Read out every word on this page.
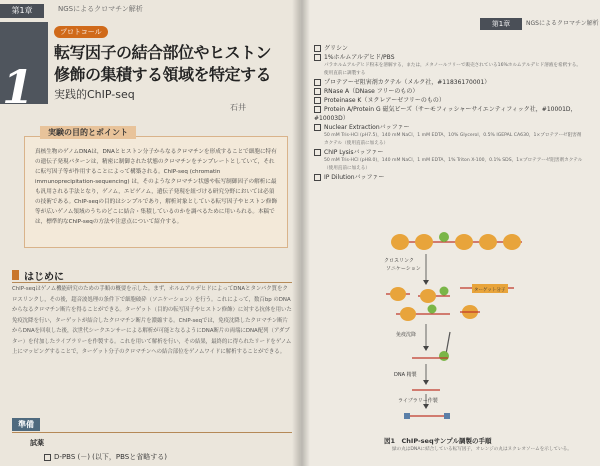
第1章	NGSによるクロマチン解析
1
プロトコール
転写因子の結合部位やヒストン
修飾の集積する領域を特定する
実践的ChIP-seq
石井
真核生物のゲノムDNAは，DNAとヒストン分子からなるクロマチンを形成することで細胞に特有の遺伝子発現パターンは，精密に制御された状態のクロマチンをテンプレートとしていて，それに転写因子等が作用することによって構築される。ChIP-seq (chromatin immunoprecipitation-sequencing) は，そのようなクロマチン状態や転写制御因子の解析に最も汎用される手法となり，ゲノム，エピゲノム，遺伝子発現を紐づける研究分野においては必須の技術である。ChIP-seqの目的はシンプルであり，解析対象としている転写因子やヒストン修飾等が広いゲノム領域のうちのどこに結合・集積しているのかを調べるために用いられる。本稿では，標準的なChIP-seqの方法や注意点について紹介する。
実験の目的とポイント
はじめに
ChIP-seqはゲノム機能研究のための手順の概要を示した。まず，ホルムアルデヒドによってDNAとタンパク質をクロスリンクし，その後，超音波処理の条件下で細胞破砕（ソニケーション）を行う。これによって，数百bp のDNAからなるクロマチン断片を得ることができる。ターゲット（目的の転写因子やヒストン修飾）に対する抗体を用いた免疫沈降を行い，ターゲットが結合したクロマチン断片を濃縮する。ChIP-seqでは，免疫沈降したクロマチン断片からDNAを回収した後，次世代シークエンサーによる解析が可能となるようにDNA断片の両端にDNA配列（アダプター）を付加したライブラリーを作製する。これを用いて解析を行い，その結果，最終的に得られたリードをゲノム上にマッピングすることで，ターゲット分子のクロマチンへの結合部位をゲノムワイドに解析することができる。
準備
試薬
D-PBS (－) (以下，PBSと省略する)
第1章	NGSによるクロマチン解析
グリシン
1%ホルムアルデヒド/PBS
パラホルムアルデヒド粉末を溶解する，または，メタノールフリーで販売されている16%ホルムアルデヒド溶液を希釈する。使用直前に調製する
プロテアーゼ阻害剤カクテル（メルク社，#11836170001）
RNase A（DNase フリーのもの）
Proteinase K（ヌクレアーゼフリーのもの）
Protein A/Protein G 磁気ビーズ（サーモフィッシャーサイエンティフィック社，#10001D，#10003D）
Nuclear Extractionバッファー
50 mM Tris-HCl (pH7.5)，140 mM NaCl，1 mM EDTA，10% Glycerol，0.5% IGEPAL CA630，1×プロテアーゼ阻害剤カクテル（使用直前に加える）
ChIP Lysisバッファー
50 mM Tris-HCl (pH8.0)，140 mM NaCl，1 mM EDTA，1% Triton X-100，0.1% SDS，1×プロテアーゼ阻害剤カクテル（使用直前に加える）
IP Dilutionバッファー
クロスリンク
ソニケーション
ターゲット分子
免疫沈降
DNA 精製
ライブラリー作製
図1　ChIP-seqサンプル調製の手順
緑の丸はDNAに結合している転写因子，オレンジの丸はヌクレオソームを示している。
